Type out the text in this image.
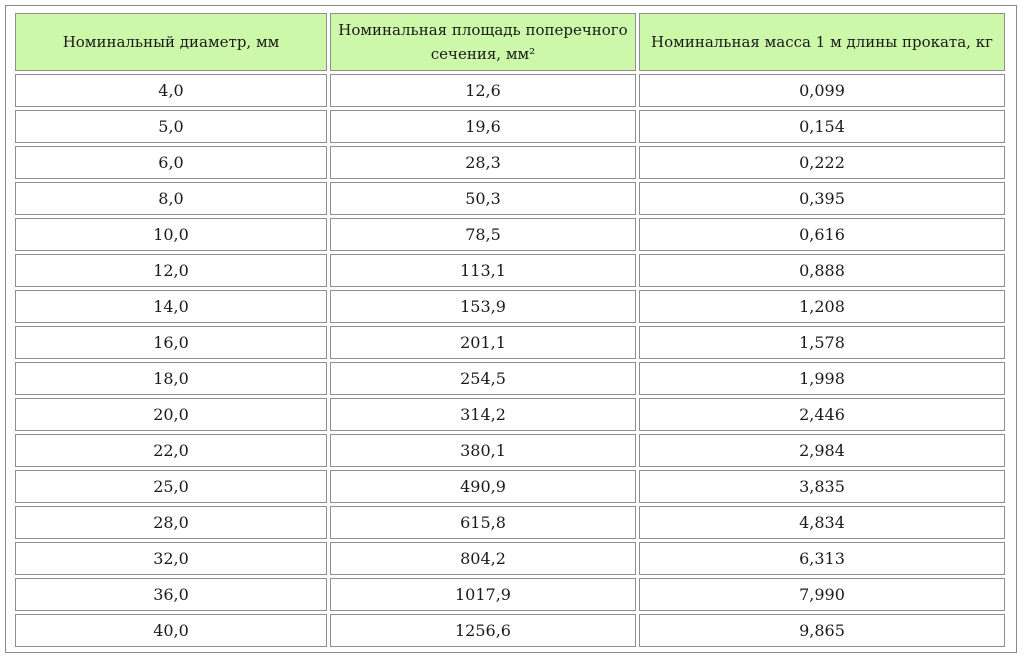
Номинальный диаметр, мм	Номинальная площадь поперечного сечения, мм²	Номинальная масса 1 м длины проката, кг
4,0	12,6	0,099
5,0	19,6	0,154
6,0	28,3	0,222
8,0	50,3	0,395
10,0	78,5	0,616
12,0	113,1	0,888
14,0	153,9	1,208
16,0	201,1	1,578
18,0	254,5	1,998
20,0	314,2	2,446
22,0	380,1	2,984
25,0	490,9	3,835
28,0	615,8	4,834
32,0	804,2	6,313
36,0	1017,9	7,990
40,0	1256,6	9,865
